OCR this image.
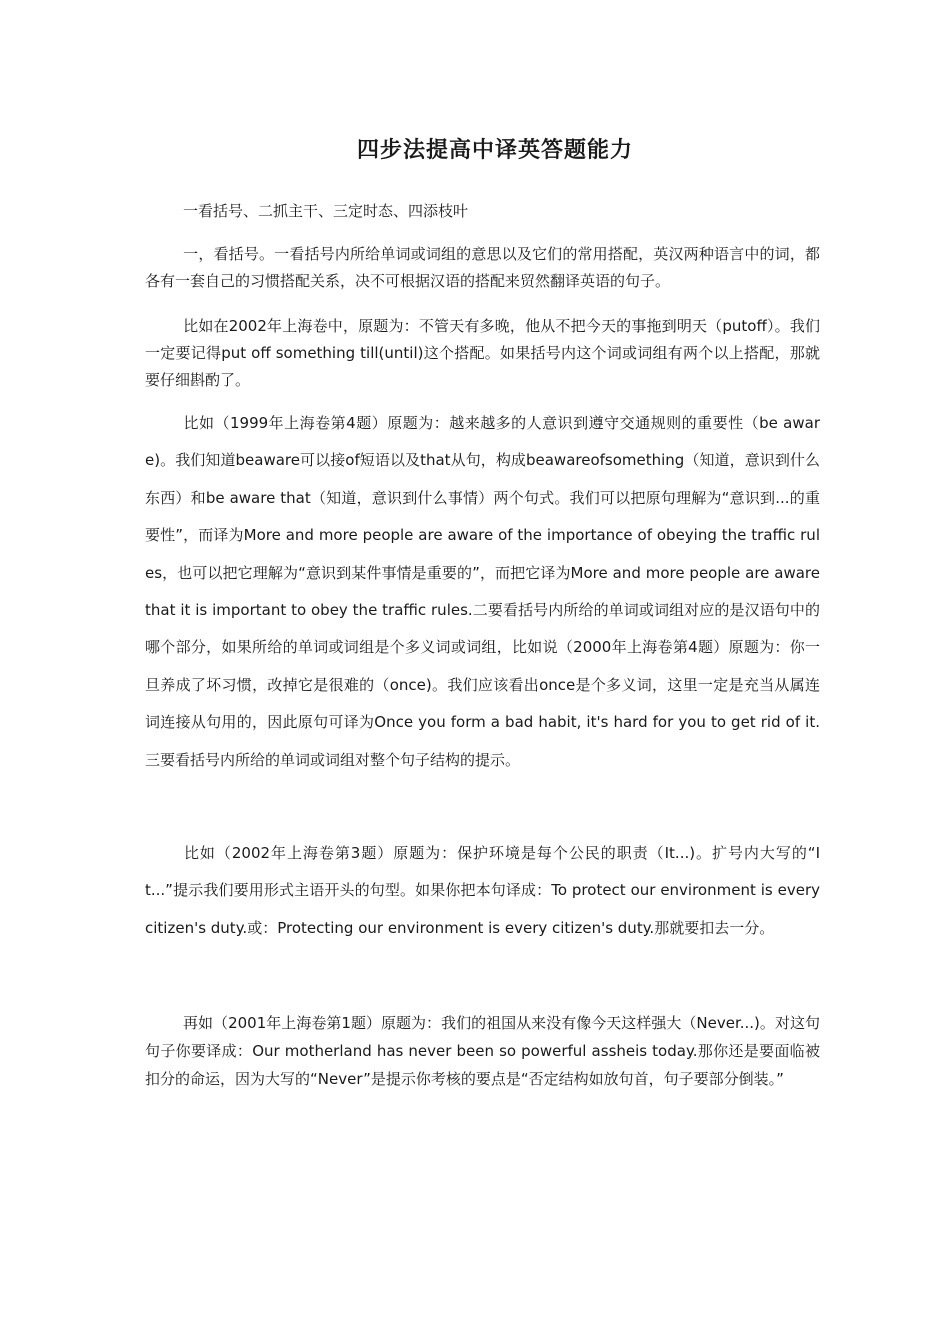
四步法提高中译英答题能力

一看括号、二抓主干、三定时态、四添枝叶

一，看括号。一看括号内所给单词或词组的意思以及它们的常用搭配，英汉两种语言中的词，都各有一套自己的习惯搭配关系，决不可根据汉语的搭配来贸然翻译英语的句子。

比如在2002年上海卷中，原题为：不管天有多晚，他从不把今天的事拖到明天（putoff）。我们一定要记得put off something till(until)这个搭配。如果括号内这个词或词组有两个以上搭配，那就要仔细斟酌了。

比如（1999年上海卷第4题）原题为：越来越多的人意识到遵守交通规则的重要性（be aware)。我们知道beaware可以接of短语以及that从句，构成beawareofsomething（知道，意识到什么东西）和be aware that（知道，意识到什么事情）两个句式。我们可以把原句理解为“意识到...的重要性”，而译为More and more people are aware of the importance of obeying the traffic rules，也可以把它理解为“意识到某件事情是重要的”，而把它译为More and more people are aware that it is important to obey the traffic rules.二要看括号内所给的单词或词组对应的是汉语句中的哪个部分，如果所给的单词或词组是个多义词或词组，比如说（2000年上海卷第4题）原题为：你一旦养成了坏习惯，改掉它是很难的（once)。我们应该看出once是个多义词，这里一定是充当从属连词连接从句用的，因此原句可译为Once you form a bad habit, it's hard for you to get rid of it.三要看括号内所给的单词或词组对整个句子结构的提示。

比如（2002年上海卷第3题）原题为：保护环境是每个公民的职责（It...)。扩号内大写的“It...”提示我们要用形式主语开头的句型。如果你把本句译成：To protect our environment is every citizen's duty.或：Protecting our environment is every citizen's duty.那就要扣去一分。

再如（2001年上海卷第1题）原题为：我们的祖国从来没有像今天这样强大（Never...)。对这句句子你要译成：Our motherland has never been so powerful assheis today.那你还是要面临被扣分的命运，因为大写的“Never”是提示你考核的要点是“否定结构如放句首，句子要部分倒装。”
